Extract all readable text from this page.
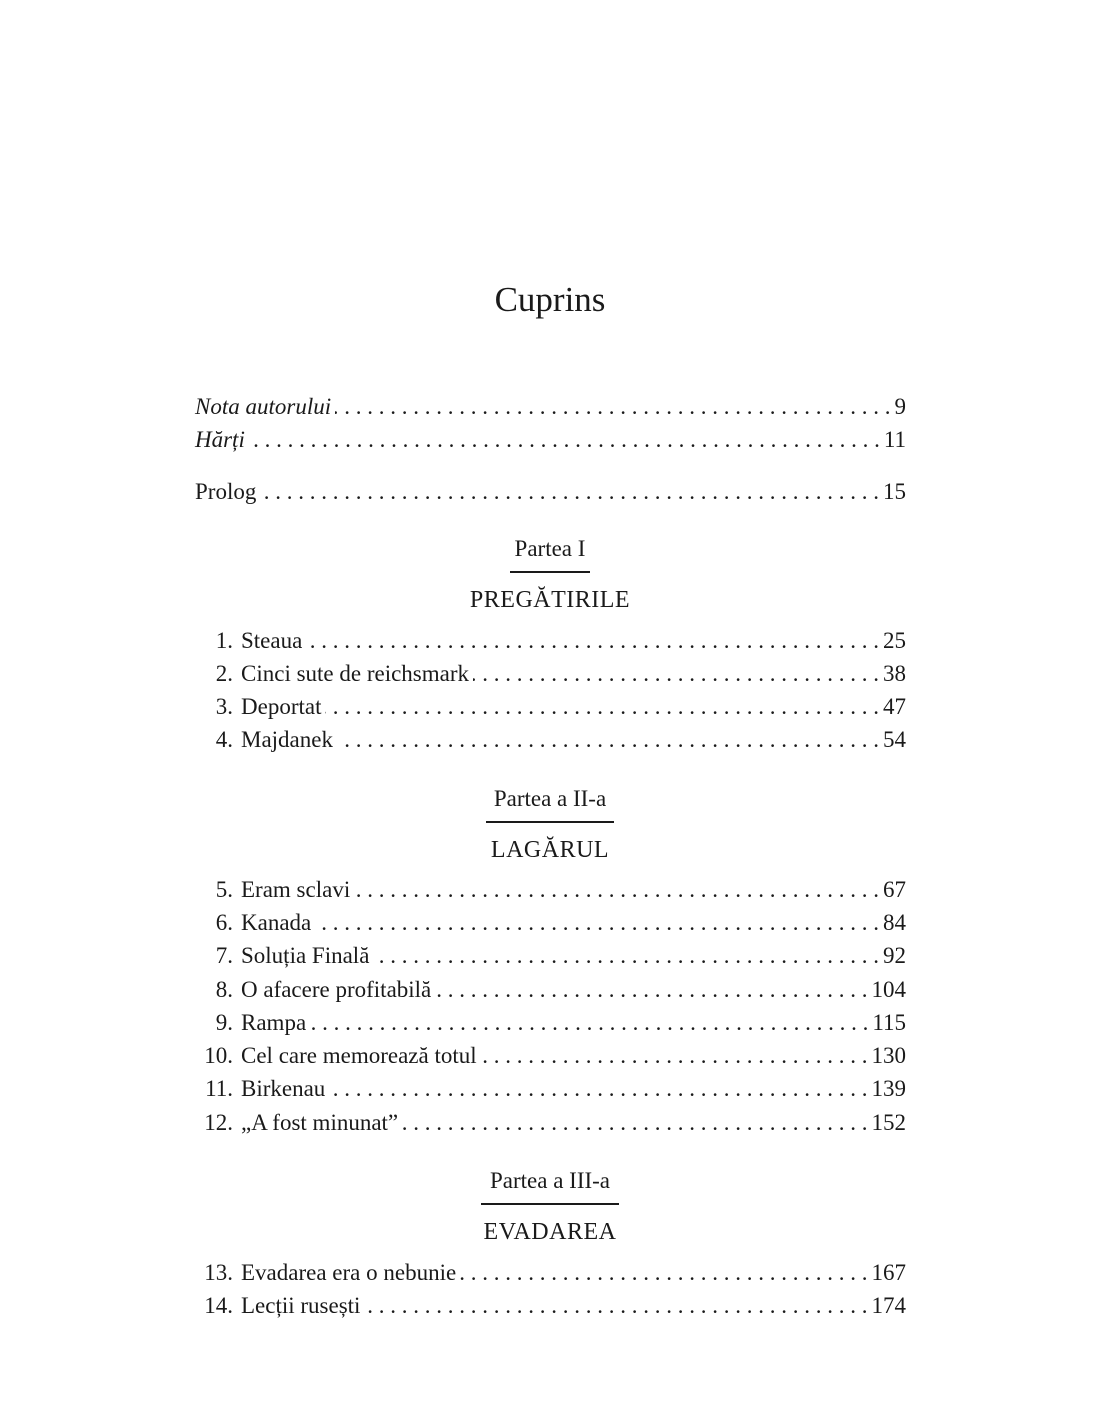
Cuprins
Nota autorului . . .	9
Hărți . . .	11
Prolog . . .	15
Partea I
PREGĂTIRILE
1. Steaua . . .	25
2. Cinci sute de reichsmark . . .	38
3. Deportat . . .	47
4. Majdanek . . .	54
Partea a II-a
LAGĂRUL
5. Eram sclavi . . .	67
6. Kanada . . .	84
7. Soluția Finală . . .	92
8. O afacere profitabilă . . .	104
9. Rampa . . .	115
10. Cel care memorează totul . . .	130
11. Birkenau . . .	139
12. „A fost minunat” . . .	152
Partea a III-a
EVADAREA
13. Evadarea era o nebunie . . .	167
14. Lecții rusești . . .	174
